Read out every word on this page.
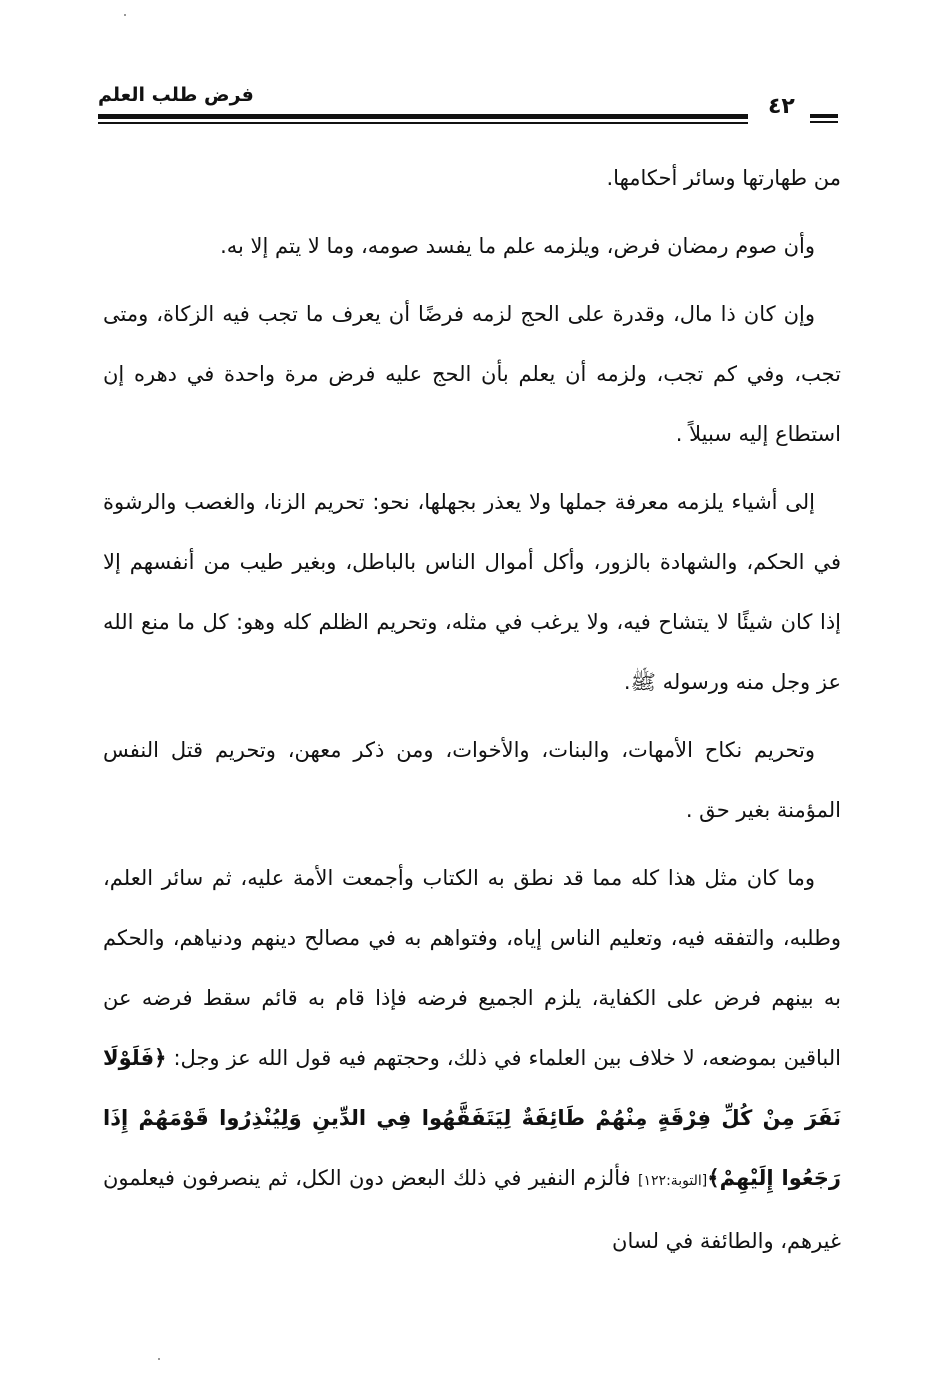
فرض طلب العلم	٤٢

من طهارتها وسائر أحكامها.

وأن صوم رمضان فرض، ويلزمه علم ما يفسد صومه، وما لا يتم إلا به.

وإن كان ذا مال، وقدرة على الحج لزمه فرضًا أن يعرف ما تجب فيه الزكاة، ومتى تجب، وفي كم تجب، ولزمه أن يعلم بأن الحج عليه فرض مرة واحدة في دهره إن استطاع إليه سبيلاً .

إلى أشياء يلزمه معرفة جملها ولا يعذر بجهلها، نحو: تحريم الزنا، والغصب والرشوة في الحكم، والشهادة بالزور، وأكل أموال الناس بالباطل، وبغير طيب من أنفسهم إلا إذا كان شيئًا لا يتشاح فيه، ولا يرغب في مثله، وتحريم الظلم كله وهو: كل ما منع الله عز وجل منه ورسوله ﷺ.

وتحريم نكاح الأمهات، والبنات، والأخوات، ومن ذكر معهن، وتحريم قتل النفس المؤمنة بغير حق .

وما كان مثل هذا كله مما قد نطق به الكتاب وأجمعت الأمة عليه، ثم سائر العلم، وطلبه، والتفقه فيه، وتعليم الناس إياه، وفتواهم به في مصالح دينهم ودنياهم، والحكم به بينهم فرض على الكفاية، يلزم الجميع فرضه فإذا قام به قائم سقط فرضه عن الباقين بموضعه، لا خلاف بين العلماء في ذلك، وحجتهم فيه قول الله عز وجل: ﴿فَلَوْلَا نَفَرَ مِنْ كُلِّ فِرْقَةٍ مِنْهُمْ طَائِفَةٌ لِيَتَفَقَّهُوا فِي الدِّينِ وَلِيُنْذِرُوا قَوْمَهُمْ إِذَا رَجَعُوا إِلَيْهِمْ﴾[التوبة:١٢٢] فألزم النفير في ذلك البعض دون الكل، ثم ينصرفون فيعلمون غيرهم، والطائفة في لسان
